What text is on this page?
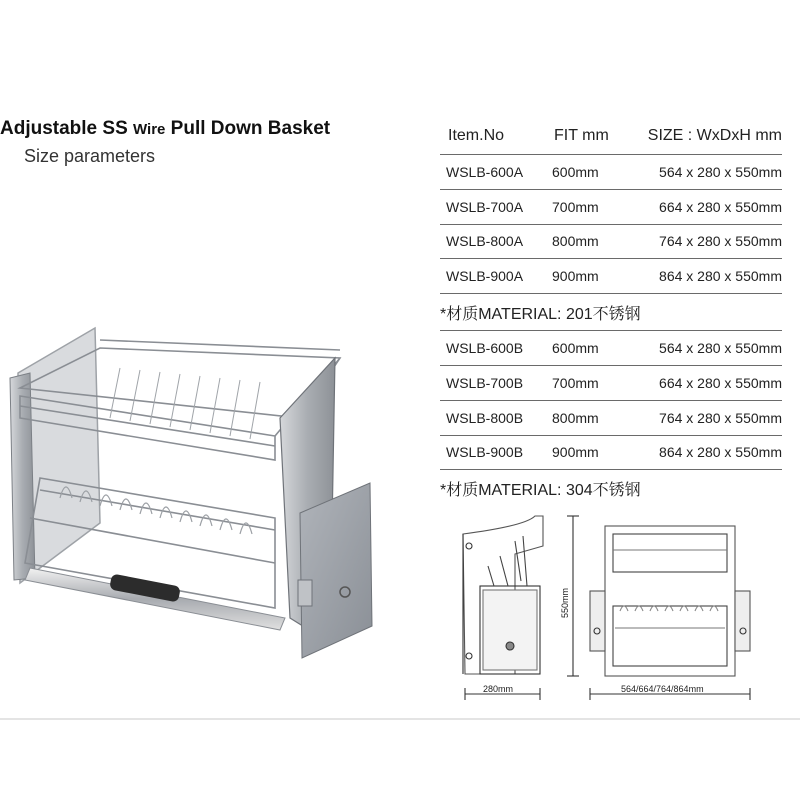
Adjustable SS Wire Pull Down Basket
Size parameters
Item.No	FIT mm	SIZE : WxDxH mm
WSLB-600A	600mm	564 x 280 x 550mm
WSLB-700A	700mm	664 x 280 x 550mm
WSLB-800A	800mm	764 x 280 x 550mm
WSLB-900A	900mm	864 x 280 x 550mm
*材质MATERIAL: 201不锈钢
WSLB-600B	600mm	564 x 280 x 550mm
WSLB-700B	700mm	664 x 280 x 550mm
WSLB-800B	800mm	764 x 280 x 550mm
WSLB-900B	900mm	864 x 280 x 550mm
*材质MATERIAL: 304不锈钢
280mm
550mm
564/664/764/864mm
